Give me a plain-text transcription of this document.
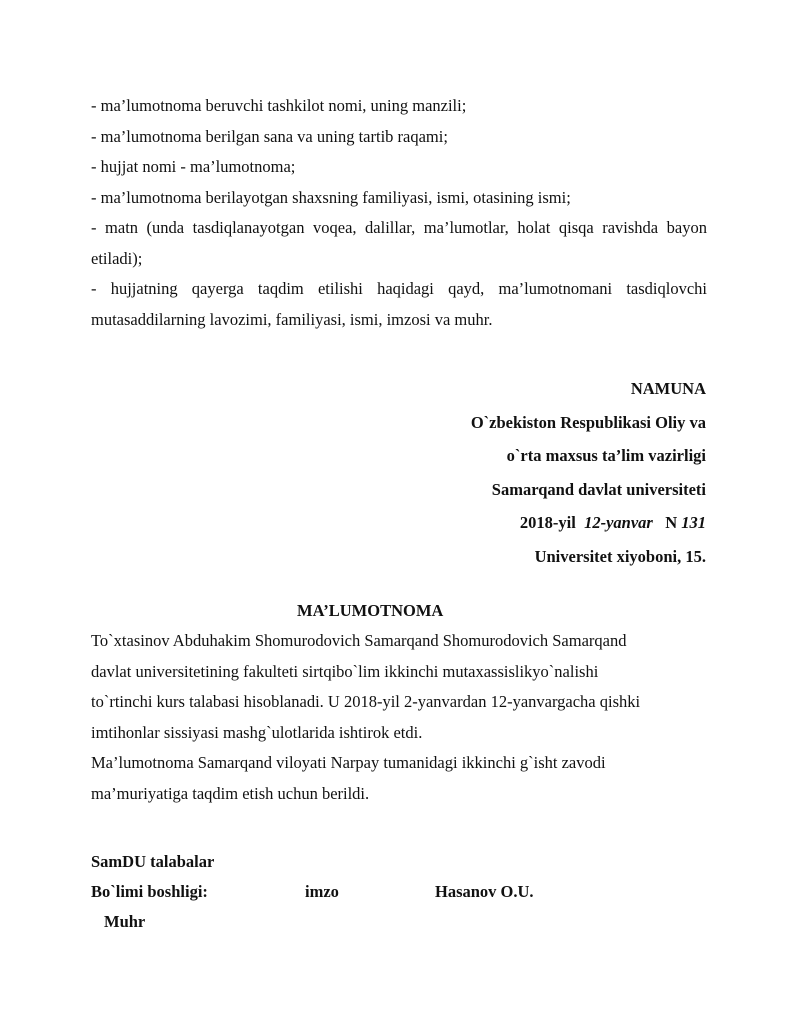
- ma’lumotnoma beruvchi tashkilot nomi, uning manzili;

- ma’lumotnoma berilgan sana va uning tartib raqami;

- hujjat nomi - ma’lumotnoma;

- ma’lumotnoma berilayotgan shaxsning familiyasi, ismi, otasining ismi;

- matn (unda tasdiqlanayotgan voqea, dalillar, ma’lumotlar, holat qisqa ravishda bayon etiladi);

- hujjatning qayerga taqdim etilishi haqidagi qayd, ma’lumotnomani tasdiqlovchi mutasaddilarning lavozimi, familiyasi, ismi, imzosi va muhr.

NAMUNA
O`zbekiston Respublikasi Oliy va
o`rta maxsus ta’lim vazirligi
Samarqand davlat universiteti
2018-yil 12-yanvar N 131
Universitet xiyoboni, 15.
MA’LUMOTNOMA

To`xtasinov Abduhakim Shomurodovich Samarqand Shomurodovich Samarqand

davlat universitetining fakulteti sirtqibo`lim ikkinchi mutaxassislikyo`nalishi

to`rtinchi kurs talabasi hisoblanadi. U 2018-yil 2-yanvardan 12-yanvargacha qishki

imtihonlar sissiyasi mashg`ulotlarida ishtirok etdi.

Ma’lumotnoma Samarqand viloyati Narpay tumanidagi ikkinchi g`isht zavodi

ma’muriyatiga taqdim etish uchun berildi.

SamDU talabalar
Bo`limi boshligi:	imzo	Hasanov O.U.
Muhr
